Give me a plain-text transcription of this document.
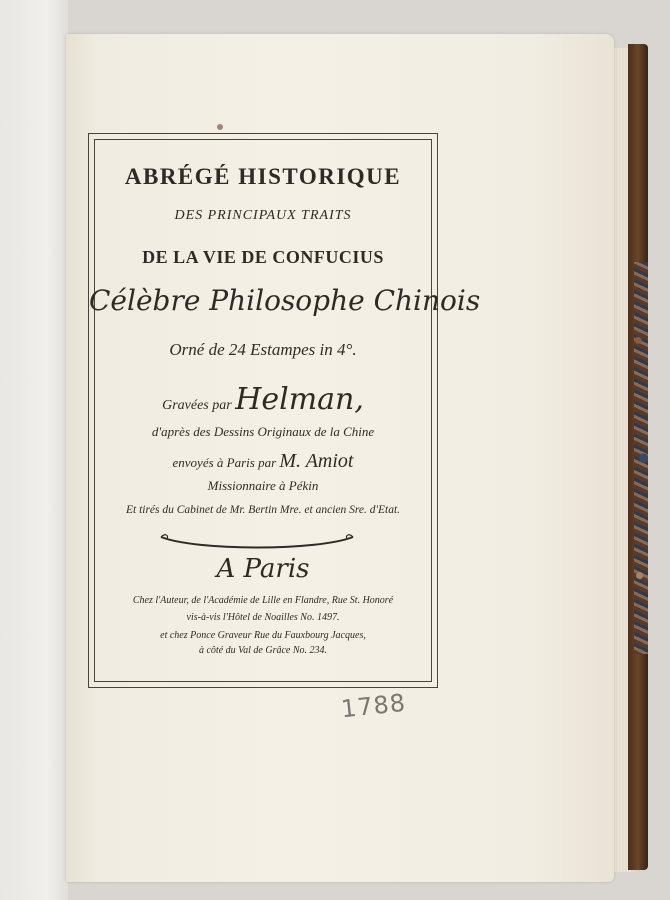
ABRÉGÉ HISTORIQUE
DES PRINCIPAUX TRAITS
DE LA VIE DE CONFUCIUS
Célèbre Philosophe Chinois
Orné de 24 Estampes in 4°.
Gravées par Helman,
d'après des Dessins Originaux de la Chine
envoyés à Paris par M. Amiot
Missionnaire à Pékin
Et tirés du Cabinet de Mr. Bertin Mre. et ancien Sre. d'Etat.
A Paris
Chez l'Auteur, de l'Académie de Lille en Flandre, Rue St. Honoré
vis-à-vis l'Hôtel de Noailles No. 1497.
et chez Ponce Graveur Rue du Fauxbourg Jacques,
à côté du Val de Grâce No. 234.
1788
